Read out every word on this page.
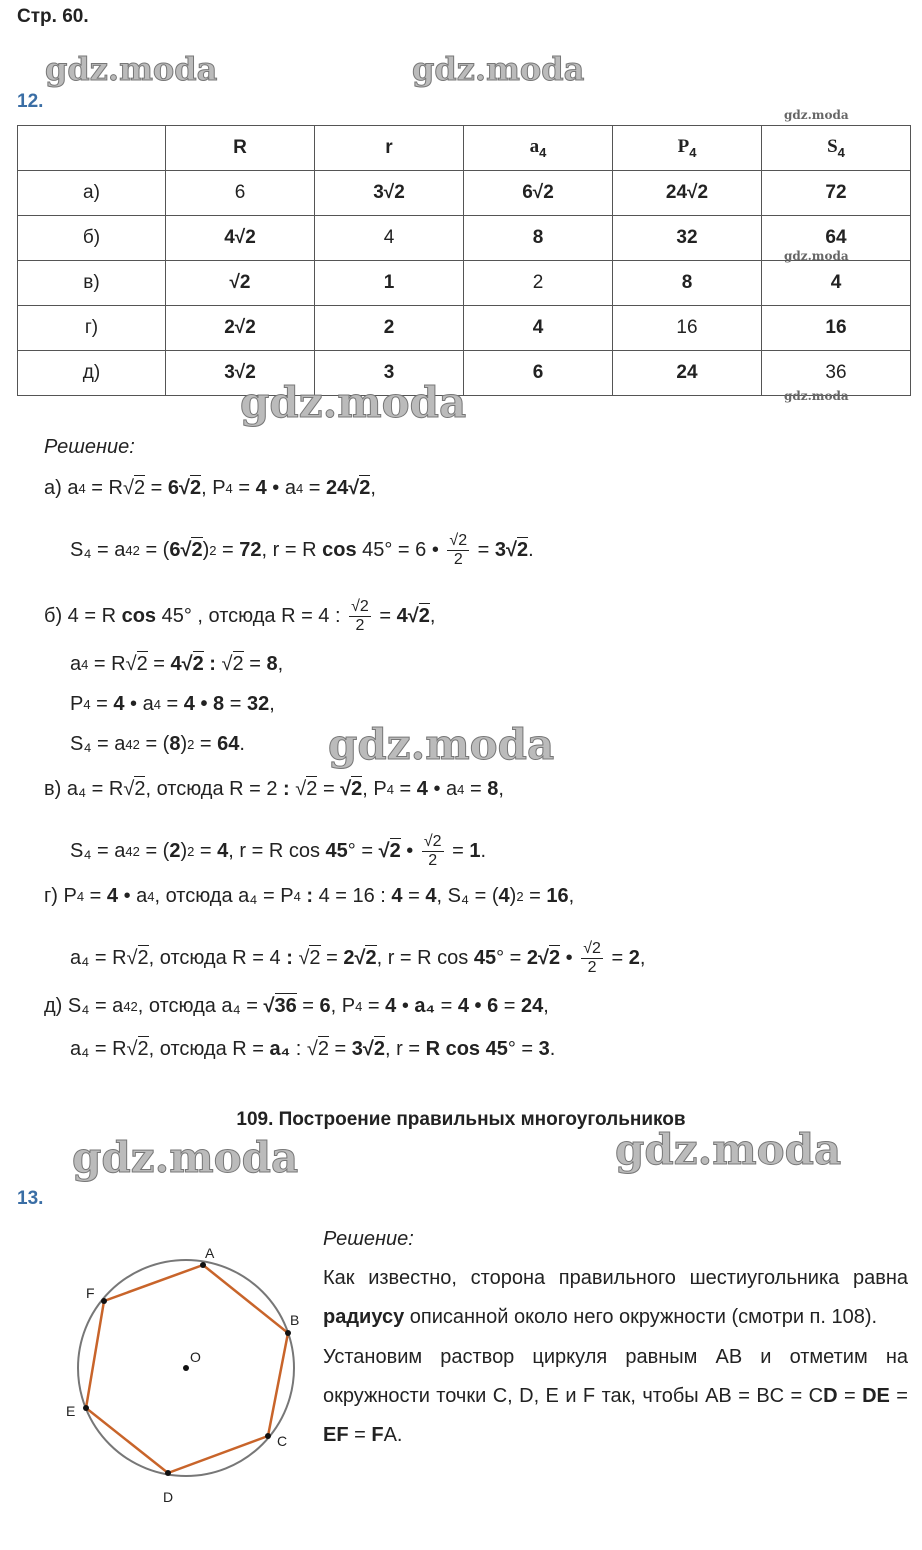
Стр. 60.
gdz.moda	gdz.moda
12.
gdz.moda
	R	r	$a_4$	$P_4$	$S_4$
а)	6	3√2	6√2	24√2	72
б)	4√2	4	8	32	64
в)	√2	1	2	8	4
г)	2√2	2	4	16	16
д)	3√2	3	6	24	36
gdz.moda
gdz.moda
gdz.moda
Решение:
а) a 4 = R √2 = 6 √2 , P 4 = 4 • a 4 = 24 √2 ,
S₄ = a 4 2 = ( 6 √2 ) 2 = 72 , r = R cos 45° = 6 • $\frac{√2}{2} = 3$ √2 .
б) 4 = R cos 45° , отсюда R = 4 : $\frac{√2}{2} = 4$ √2 ,
a 4 = R √2 = 4 √2 : √2 = 8 ,
P 4 = 4 • a 4 = 4 • 8 = 32 ,
S₄ = a 4 2 = ( 8 ) 2 = 64 .
в) a₄ = R √2 , отсюда R = 2 :
√2 = √2 , P 4 = 4 • a 4 = 8 ,
S₄ = a 4 2 = ( 2 ) 2 = 4 , r = R cos 45 ° = √2 • $\frac{√2}{2} = 1$ .
г) P 4 = 4 • a 4 , отсюда a₄ = P 4 : 4 = 16 : 4 = 4 , S₄ = ( 4 ) 2 = 16 ,
a₄ = R √2 , отсюда R = 4 :
√2 = 2 √2 , r = R cos 45 ° = 2 √2 • $\frac{√2}{2} = 2$ ,
д) S₄ = a 4 2 , отсюда a₄ = √36 = 6 , P 4 = 4 • a₄ = 4 • 6 = 24 ,
a₄ = R √2 , отсюда R = a₄ : √2 = 3 √2 , r = R cos
45 ° = 3 .
gdz.moda
109. Построение правильных многоугольников
gdz.moda	gdz.moda
13.
A
B
C
D
E
F
O
Решение:
Как известно, сторона правильного шестиугольника равна радиусу описанной около него окружности (смотри п. 108).
Установим раствор циркуля равным AB и отметим на окружности точки C, D, E и F так, чтобы AB = BC = CD = DE = EF = FA.
